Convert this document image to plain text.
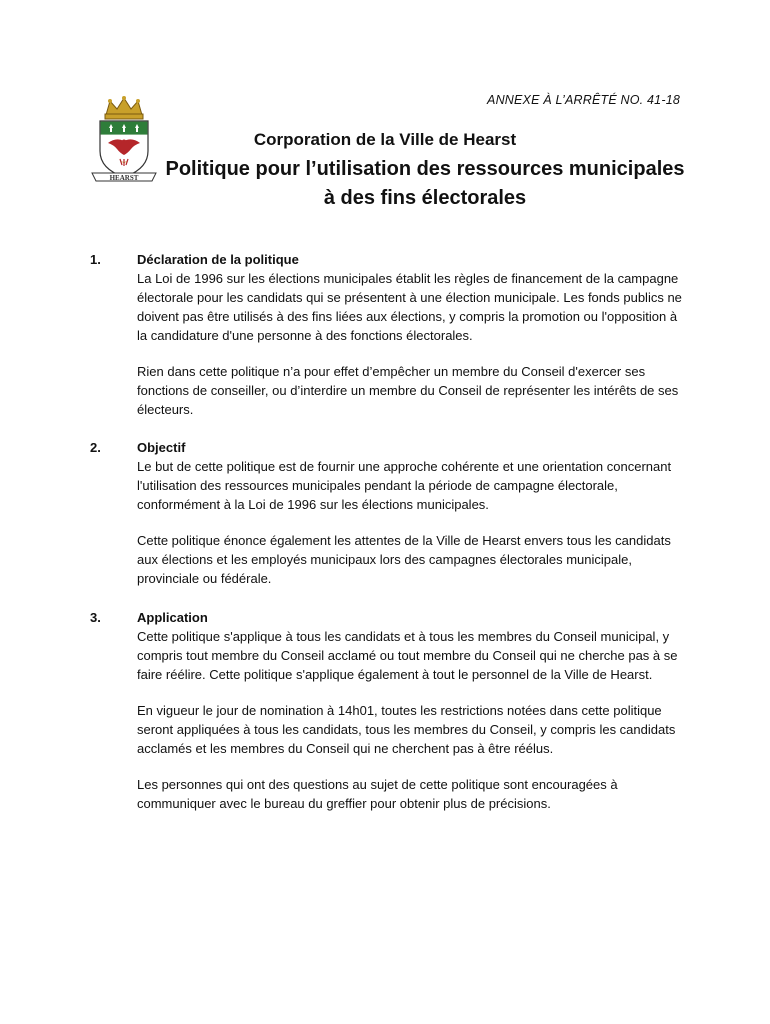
ANNEXE À L’ARRÊTÉ NO. 41-18
HEARST
Corporation de la Ville de Hearst
Politique pour l’utilisation des ressources municipales
à des fins électorales
1.	Déclaration de la politique

La Loi de 1996 sur les élections municipales établit les règles de financement de la campagne électorale pour les candidats qui se présentent à une élection municipale. Les fonds publics ne doivent pas être utilisés à des fins liées aux élections, y compris la promotion ou l'opposition à la candidature d'une personne à des fonctions électorales.

Rien dans cette politique n’a pour effet d’empêcher un membre du Conseil d'exercer ses fonctions de conseiller, ou d’interdire un membre du Conseil de représenter les intérêts de ses électeurs.

2.	Objectif

Le but de cette politique est de fournir une approche cohérente et une orientation concernant l'utilisation des ressources municipales pendant la période de campagne électorale, conformément à la Loi de 1996 sur les élections municipales.

Cette politique énonce également les attentes de la Ville de Hearst envers tous les candidats aux élections et les employés municipaux lors des campagnes électorales municipale, provinciale ou fédérale.

3.	Application

Cette politique s'applique à tous les candidats et à tous les membres du Conseil municipal, y compris tout membre du Conseil acclamé ou tout membre du Conseil qui ne cherche pas à se faire réélire. Cette politique s'applique également à tout le personnel de la Ville de Hearst.

En vigueur le jour de nomination à 14h01, toutes les restrictions notées dans cette politique seront appliquées à tous les candidats, tous les membres du Conseil, y compris les candidats acclamés et les membres du Conseil qui ne cherchent pas à être réélus.

Les personnes qui ont des questions au sujet de cette politique sont encouragées à communiquer avec le bureau du greffier pour obtenir plus de précisions.
